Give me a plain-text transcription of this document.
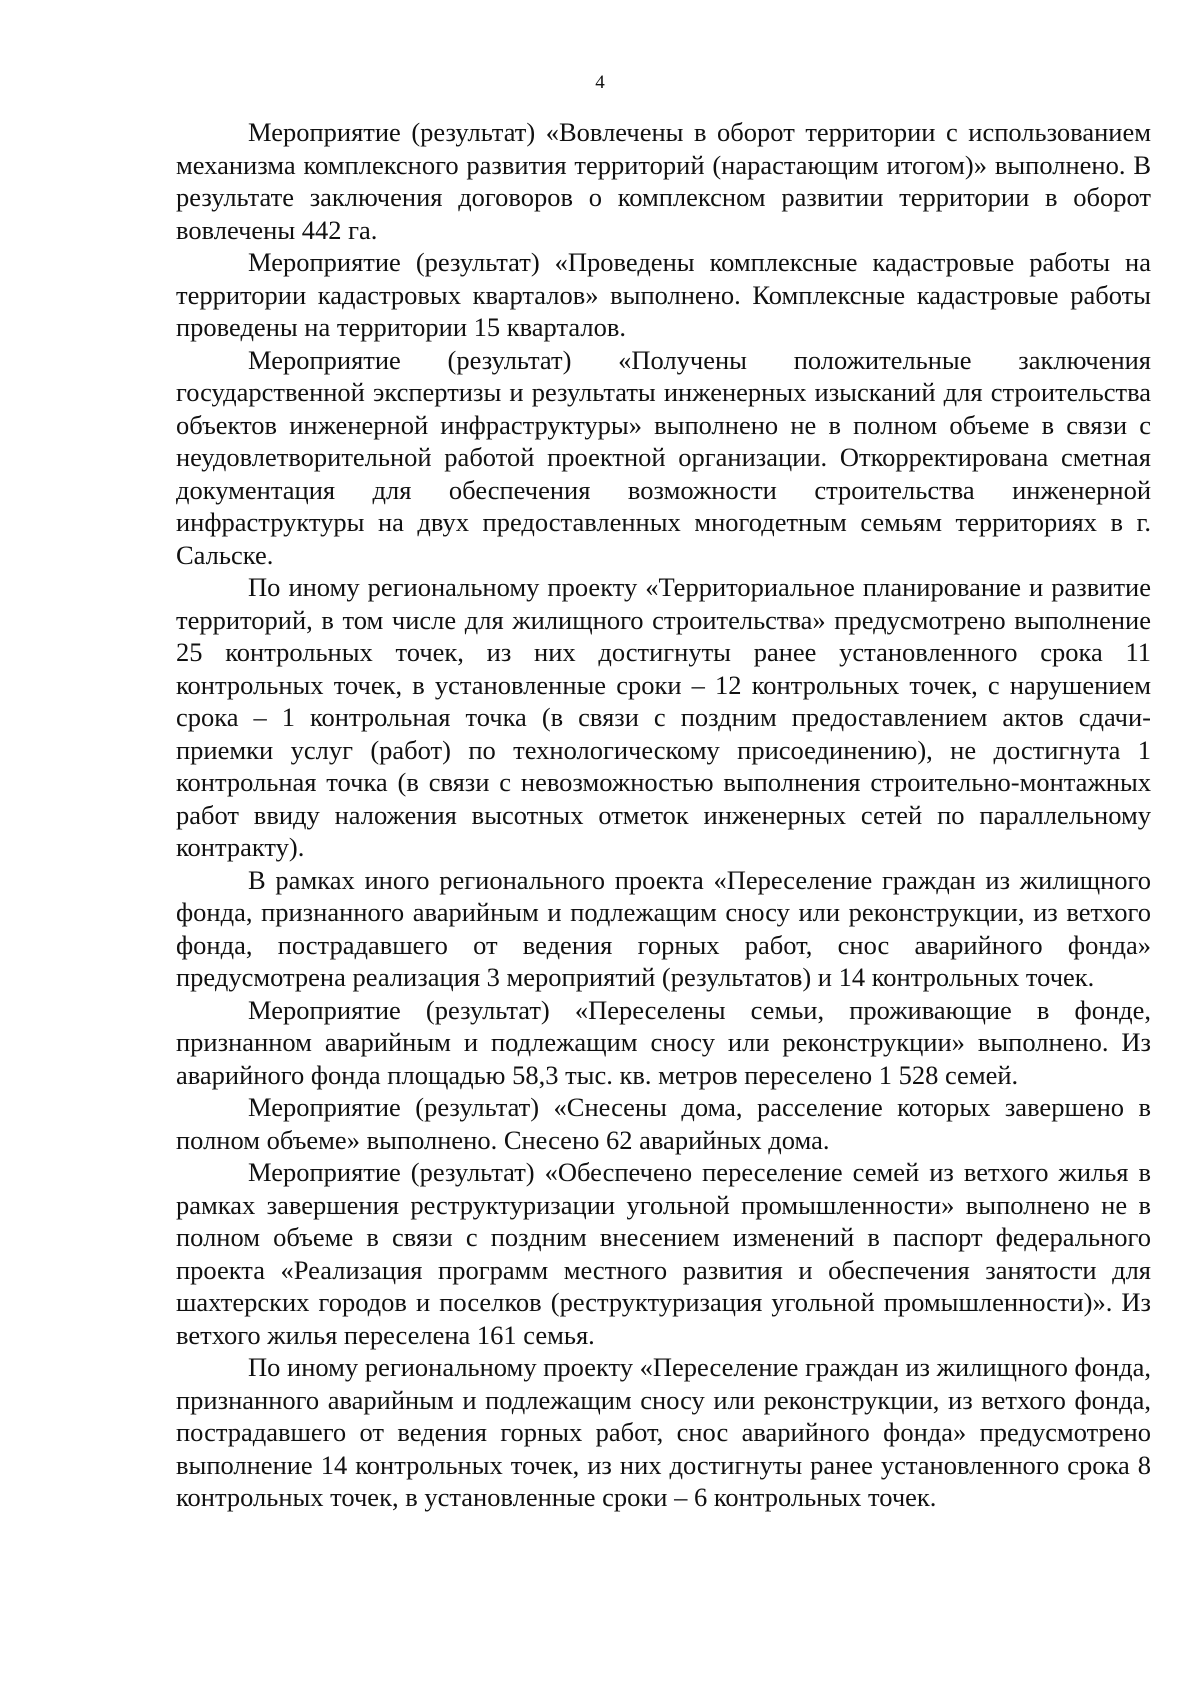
4

Мероприятие (результат) «Вовлечены в оборот территории с использованием механизма комплексного развития территорий (нарастающим итогом)» выполнено. В результате заключения договоров о комплексном развитии территории в оборот вовлечены 442 га.

Мероприятие (результат) «Проведены комплексные кадастровые работы на территории кадастровых кварталов» выполнено. Комплексные кадастровые работы проведены на территории 15 кварталов.

Мероприятие (результат) «Получены положительные заключения государственной экспертизы и результаты инженерных изысканий для строительства объектов инженерной инфраструктуры» выполнено не в полном объеме в связи с неудовлетворительной работой проектной организации. Откорректирована сметная документация для обеспечения возможности строительства инженерной инфраструктуры на двух предоставленных многодетным семьям территориях в г. Сальске.

По иному региональному проекту «Территориальное планирование и развитие территорий, в том числе для жилищного строительства» предусмотрено выполнение 25 контрольных точек, из них достигнуты ранее установленного срока 11 контрольных точек, в установленные сроки – 12 контрольных точек, с нарушением срока – 1 контрольная точка (в связи с поздним предоставлением актов сдачи-приемки услуг (работ) по технологическому присоединению), не достигнута 1 контрольная точка (в связи с невозможностью выполнения строительно-монтажных работ ввиду наложения высотных отметок инженерных сетей по параллельному контракту).

В рамках иного регионального проекта «Переселение граждан из жилищного фонда, признанного аварийным и подлежащим сносу или реконструкции, из ветхого фонда, пострадавшего от ведения горных работ, снос аварийного фонда» предусмотрена реализация 3 мероприятий (результатов) и 14 контрольных точек.

Мероприятие (результат) «Переселены семьи, проживающие в фонде, признанном аварийным и подлежащим сносу или реконструкции» выполнено. Из аварийного фонда площадью 58,3 тыс. кв. метров переселено 1 528 семей.

Мероприятие (результат) «Снесены дома, расселение которых завершено в полном объеме» выполнено. Снесено 62 аварийных дома.

Мероприятие (результат) «Обеспечено переселение семей из ветхого жилья в рамках завершения реструктуризации угольной промышленности» выполнено не в полном объеме в связи с поздним внесением изменений в паспорт федерального проекта «Реализация программ местного развития и обеспечения занятости для шахтерских городов и поселков (реструктуризация угольной промышленности)». Из ветхого жилья переселена 161 семья.

По иному региональному проекту «Переселение граждан из жилищного фонда, признанного аварийным и подлежащим сносу или реконструкции, из ветхого фонда, пострадавшего от ведения горных работ, снос аварийного фонда» предусмотрено выполнение 14 контрольных точек, из них достигнуты ранее установленного срока 8 контрольных точек, в установленные сроки – 6 контрольных точек.
